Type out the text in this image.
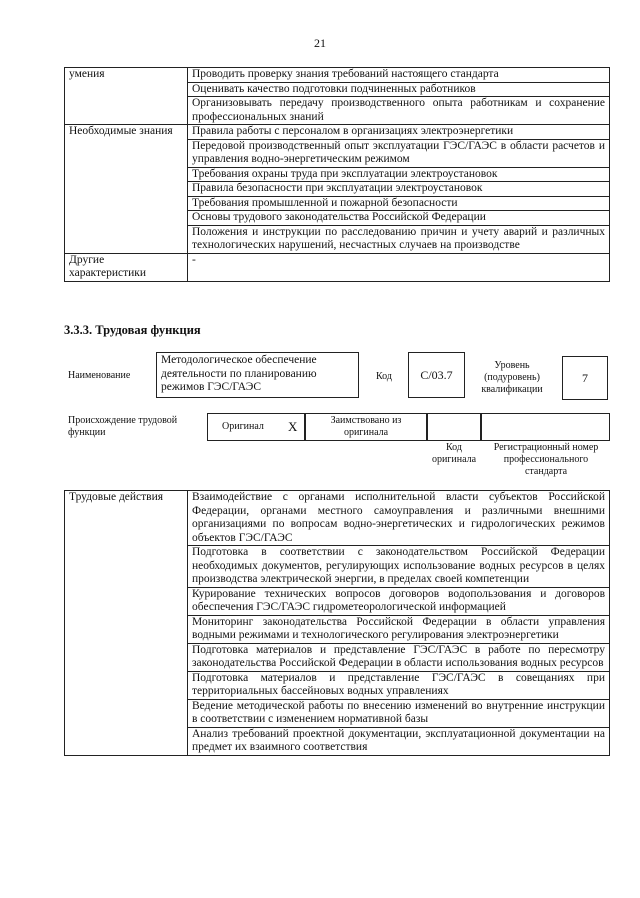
21
умения	Проводить проверку знания требований настоящего стандарта
	Оценивать качество подготовки подчиненных работников
	Организовывать передачу производственного опыта работникам и сохранение профессиональных знаний
Необходимые знания	Правила работы с персоналом в организациях электроэнергетики
	Передовой производственный опыт эксплуатации ГЭС/ГАЭС в области расчетов и управления водно-энергетическим режимом
	Требования охраны труда при эксплуатации электроустановок
	Правила безопасности при эксплуатации электроустановок
	Требования промышленной и пожарной безопасности
	Основы трудового законодательства Российской Федерации
	Положения и инструкции по расследованию причин и учету аварий и различных технологических нарушений, несчастных случаев на производстве
Другие характеристики	-
3.3.3. Трудовая функция
Наименование
Методологическое обеспечение деятельности по планированию режимов ГЭС/ГАЭС
Код	C/03.7
Уровень (подуровень) квалификации
7
Происхождение трудовой функции
Оригинал X	Заимствовано из оригинала
Код оригинала
Регистрационный номер профессионального стандарта
Трудовые действия	Взаимодействие с органами исполнительной власти субъектов Российской Федерации, органами местного самоуправления и различными внешними организациями по вопросам водно-энергетических и гидрологических режимов объектов ГЭС/ГАЭС
Подготовка в соответствии с законодательством Российской Федерации необходимых документов, регулирующих использование водных ресурсов в целях производства электрической энергии, в пределах своей компетенции
Курирование технических вопросов договоров водопользования и договоров обеспечения ГЭС/ГАЭС гидрометеорологической информацией
Мониторинг законодательства Российской Федерации в области управления водными режимами и технологического регулирования электроэнергетики
Подготовка материалов и представление ГЭС/ГАЭС в работе по пересмотру законодательства Российской Федерации в области использования водных ресурсов
Подготовка материалов и представление ГЭС/ГАЭС в совещаниях при территориальных бассейновых водных управлениях
Ведение методической работы по внесению изменений во внутренние инструкции в соответствии с изменением нормативной базы
Анализ требований проектной документации, эксплуатационной документации на предмет их взаимного соответствия
